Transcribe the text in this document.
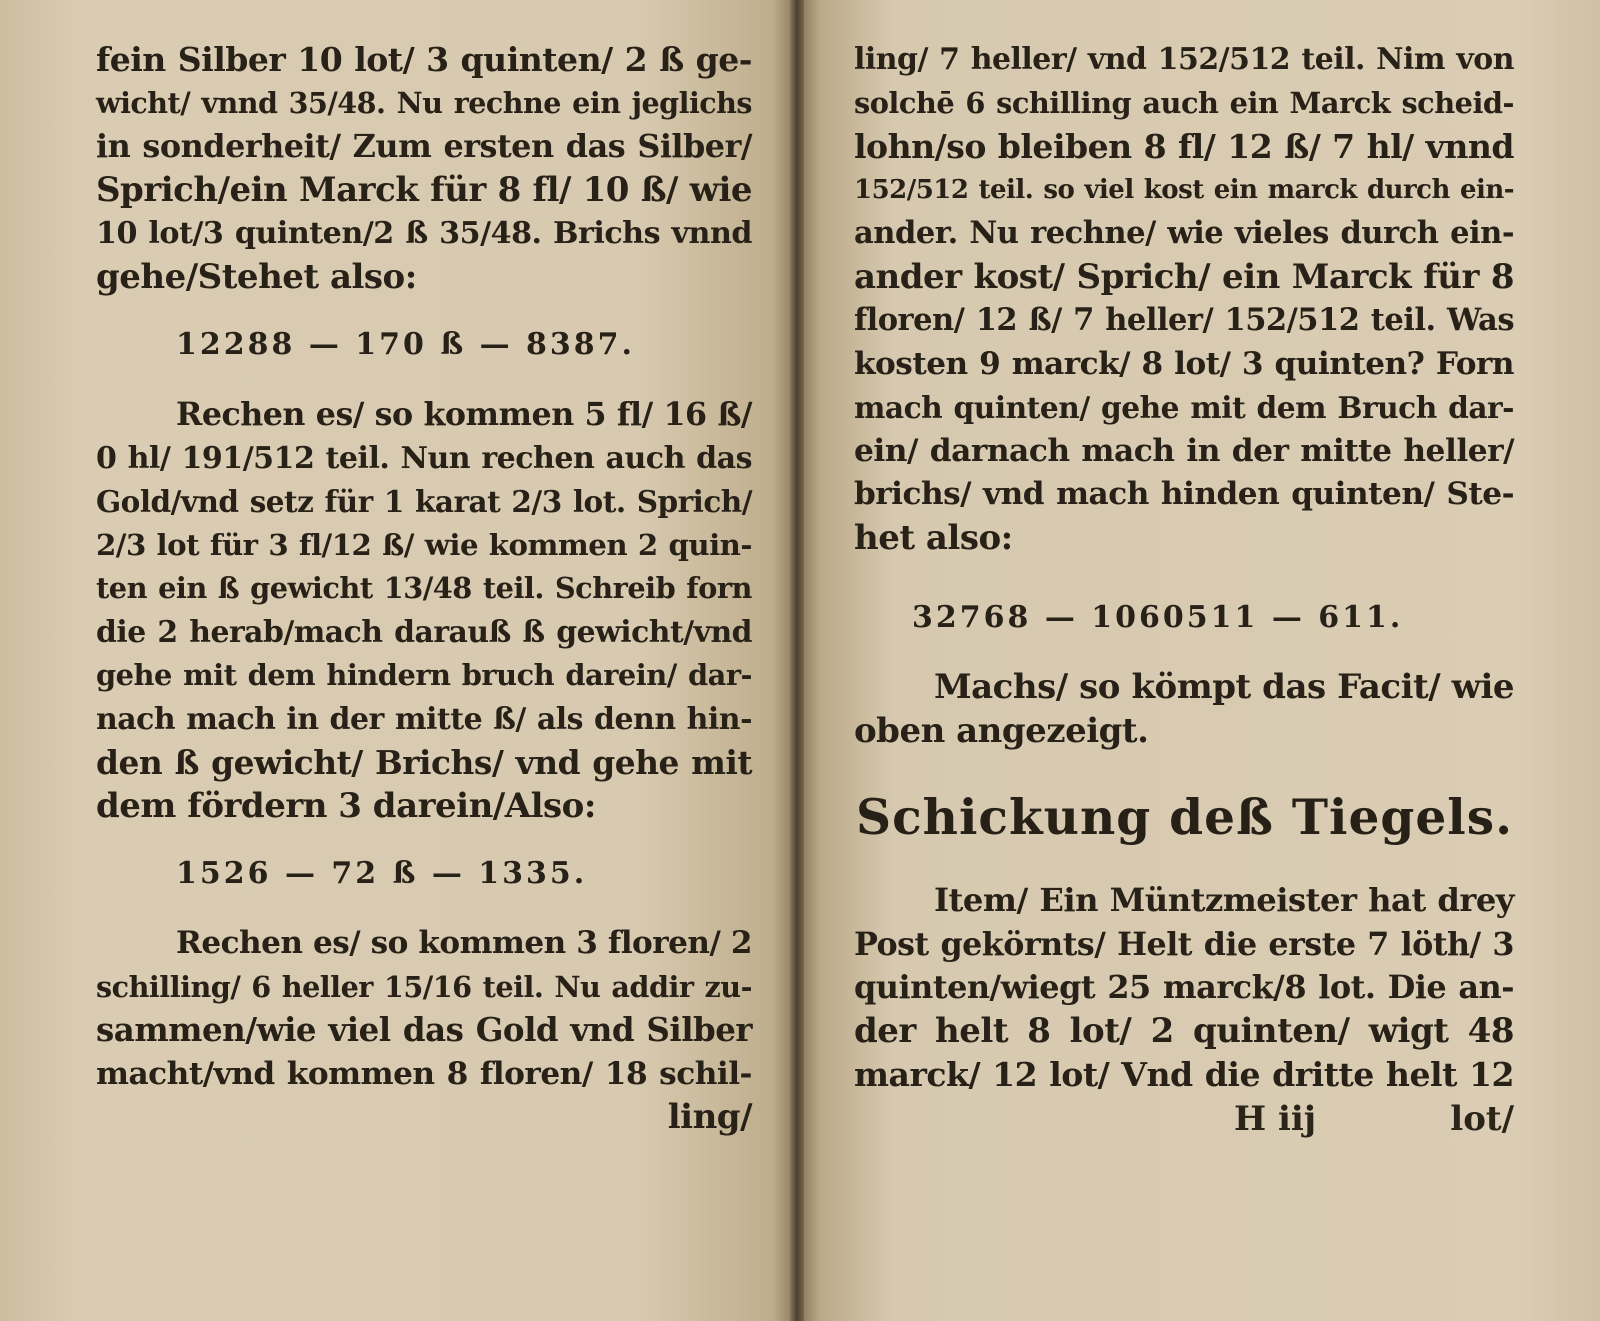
fein Silber 10 lot/ 3 quinten/ 2 ß ge-
wicht/ vnnd 35/48. Nu rechne ein jeglichs
in sonderheit/ Zum ersten das Silber/
Sprich/ein Marck für 8 fl/ 10 ß/ wie
10 lot/3 quinten/2 ß 35/48. Brichs vnnd
gehe/Stehet also:
12288 — 170 ß — 8387.
Rechen es/ so kommen 5 fl/ 16 ß/
0 hl/ 191/512 teil. Nun rechen auch das
Gold/vnd setz für 1 karat 2/3 lot. Sprich/
2/3 lot für 3 fl/12 ß/ wie kommen 2 quin-
ten ein ß gewicht 13/48 teil. Schreib forn
die 2 herab/mach darauß ß gewicht/vnd
gehe mit dem hindern bruch darein/ dar-
nach mach in der mitte ß/ als denn hin-
den ß gewicht/ Brichs/ vnd gehe mit
dem fördern 3 darein/Also:
1526 — 72 ß — 1335.
Rechen es/ so kommen 3 floren/ 2
schilling/ 6 heller 15/16 teil. Nu addir zu-
sammen/wie viel das Gold vnd Silber
macht/vnd kommen 8 floren/ 18 schil-
ling/
ling/ 7 heller/ vnd 152/512 teil. Nim von
solchē 6 schilling auch ein Marck scheid-
lohn/so bleiben 8 fl/ 12 ß/ 7 hl/ vnnd
152/512 teil. so viel kost ein marck durch ein-
ander. Nu rechne/ wie vieles durch ein-
ander kost/ Sprich/ ein Marck für 8
floren/ 12 ß/ 7 heller/ 152/512 teil. Was
kosten 9 marck/ 8 lot/ 3 quinten? Forn
mach quinten/ gehe mit dem Bruch dar-
ein/ darnach mach in der mitte heller/
brichs/ vnd mach hinden quinten/ Ste-
het also:
32768 — 1060511 — 611.
Machs/ so kömpt das Facit/ wie
oben angezeigt.
Schickung deß Tiegels.
Item/ Ein Müntzmeister hat drey
Post gekörnts/ Helt die erste 7 löth/ 3
quinten/wiegt 25 marck/8 lot. Die an-
der helt 8 lot/ 2 quinten/ wigt 48
marck/ 12 lot/ Vnd die dritte helt 12
H iij	lot/
